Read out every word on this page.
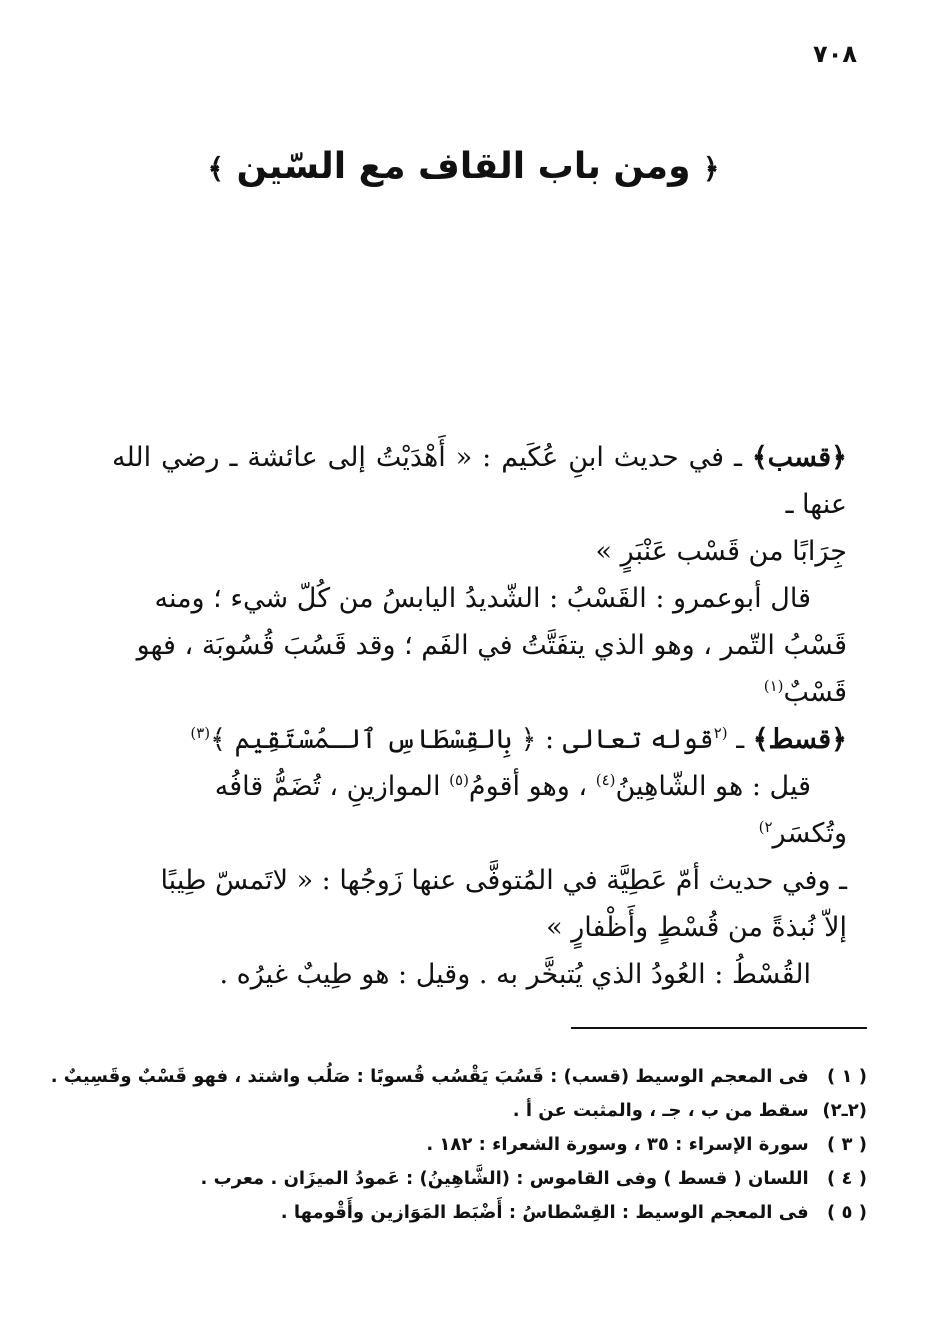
٧٠٨
﴿ ومن باب القاف مع السّين ﴾

﴿قسب﴾ ـ في حديث ابنِ عُكَيم : « أَهْدَيْتُ إلى عائشة ـ رضي الله عنها ـ

جِرَابًا من قَسْب عَنْبَرٍ »

قال أبوعمرو : القَسْبُ : الشّديدُ اليابسُ من كُلّ شيء ؛ ومنه

قَسْبُ التّمر ، وهو الذي يتفَتَّتُ في الفَم ؛ وقد قَسُبَ قُسُوبَة ، فهو

قَسْبٌ$^{(١)}$

﴿قسط﴾ ـ $^{(٢}$قوله تعالى : ﴿ بِالقِسْطَاسِ ٱلـمُسْتَقِيم ﴾$^{(٣)}$

قيل : هو الشّاهِينُ$^{(٤)}$ ، وهو أقومُ$^{(٥)}$ الموازينِ ، تُضَمُّ قافُه

وتُكسَر$^{٢)}$

ـ وفي حديث أمّ عَطِيَّة في المُتوفَّى عنها زَوجُها : « لاتَمسّ طِيبًا

إلاّ نُبذةً من قُسْطٍ وأَظْفارٍ »

القُسْطُ : العُودُ الذي يُتبخَّر به . وقيل : هو طِيبٌ غيرُه .

( ١ ) فى المعجم الوسيط (قسب) : قَسُبَ يَقْسُب قُسوبًا : صَلُب واشتد ، فهو قَسْبٌ وقَسِيبٌ .
(٢ـ٢) سقط من ب ، جـ ، والمثبت عن أ .
( ٣ ) سورة الإسراء : ٣٥ ، وسورة الشعراء : ١٨٢ .
( ٤ ) اللسان ( قسط ) وفى القاموس : (الشَّاهِينُ) : عَمودُ الميزَان . معرب .
( ٥ ) فى المعجم الوسيط : القِسْطاسُ : أَضْبَط المَوَازين وأَقْومها .
